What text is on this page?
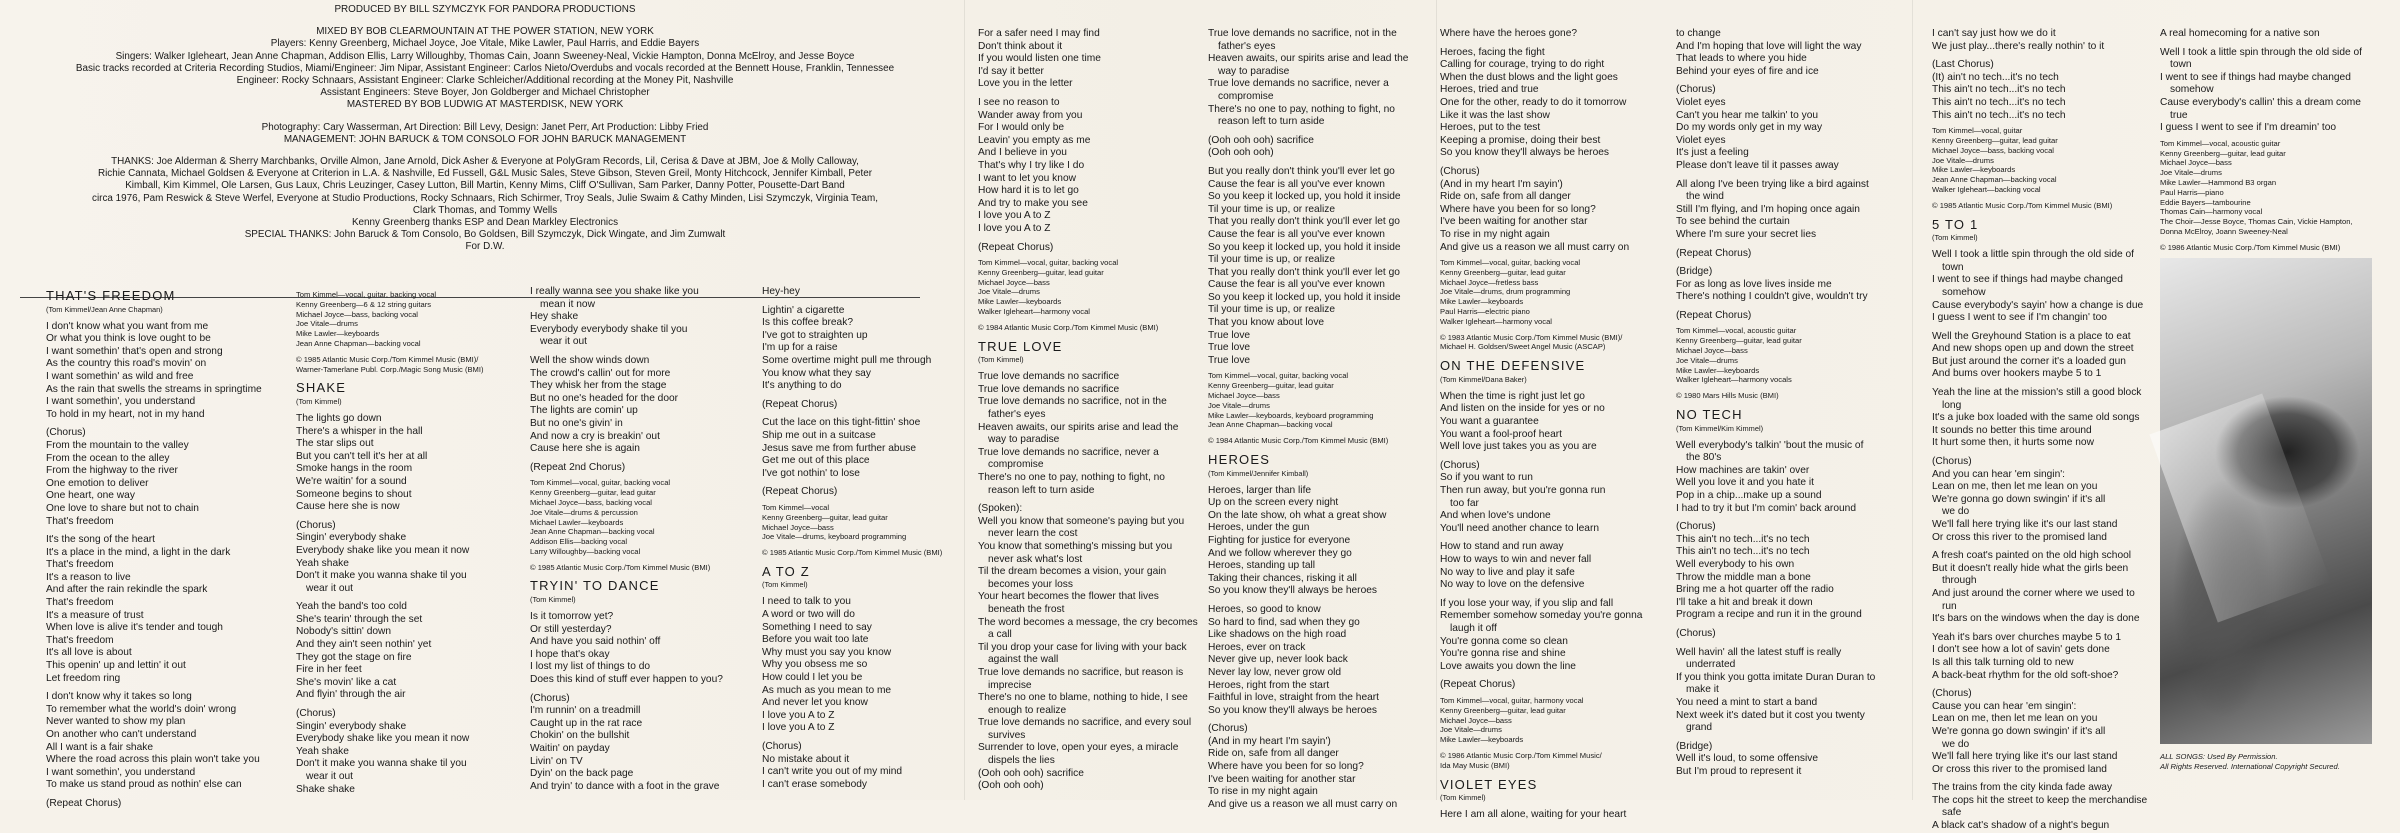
PRODUCED BY BILL SZYMCZYK FOR PANDORA PRODUCTIONS
MIXED BY BOB CLEARMOUNTAIN AT THE POWER STATION, NEW YORK
Players: Kenny Greenberg, Michael Joyce, Joe Vitale, Mike Lawler, Paul Harris, and Eddie Bayers
Singers: Walker Igleheart, Jean Anne Chapman, Addison Ellis, Larry Willoughby, Thomas Cain, Joann Sweeney-Neal, Vickie Hampton, Donna McElroy, and Jesse Boyce
Basic tracks recorded at Criteria Recording Studios, Miami/Engineer: Jim Nipar, Assistant Engineer: Carlos Nieto/Overdubs and vocals recorded at the Bennett House, Franklin, Tennessee
Engineer: Rocky Schnaars, Assistant Engineer: Clarke Schleicher/Additional recording at the Money Pit, Nashville
Assistant Engineers: Steve Boyer, Jon Goldberger and Michael Christopher
MASTERED BY BOB LUDWIG AT MASTERDISK, NEW YORK
Photography: Cary Wasserman, Art Direction: Bill Levy, Design: Janet Perr, Art Production: Libby Fried
MANAGEMENT: JOHN BARUCK & TOM CONSOLO FOR JOHN BARUCK MANAGEMENT
THANKS: Joe Alderman & Sherry Marchbanks, Orville Almon, Jane Arnold, Dick Asher & Everyone at PolyGram Records, Lil, Cerisa & Dave at JBM, Joe & Molly Calloway,
Richie Cannata, Michael Goldsen & Everyone at Criterion in L.A. & Nashville, Ed Fussell, G&L Music Sales, Steve Gibson, Steven Greil, Monty Hitchcock, Jennifer Kimball, Peter
Kimball, Kim Kimmel, Ole Larsen, Gus Laux, Chris Leuzinger, Casey Lutton, Bill Martin, Kenny Mims, Cliff O'Sullivan, Sam Parker, Danny Potter, Pousette-Dart Band
circa 1976, Pam Reswick & Steve Werfel, Everyone at Studio Productions, Rocky Schnaars, Rich Schirmer, Troy Seals, Julie Swaim & Cathy Minden, Lisi Szymczyk, Virginia Team,
Clark Thomas, and Tommy Wells
Kenny Greenberg thanks ESP and Dean Markley Electronics
SPECIAL THANKS: John Baruck & Tom Consolo, Bo Goldsen, Bill Szymczyk, Dick Wingate, and Jim Zumwalt
For D.W.
THAT'S FREEDOM
(Tom Kimmel/Jean Anne Chapman)
I don't know what you want from me
Or what you think is love ought to be
I want somethin' that's open and strong
As the country this road's movin' on
I want somethin' as wild and free
As the rain that swells the streams in springtime
I want somethin', you understand
To hold in my heart, not in my hand
(Chorus)
From the mountain to the valley
From the ocean to the alley
From the highway to the river
One emotion to deliver
One heart, one way
One love to share but not to chain
That's freedom
It's the song of the heart
It's a place in the mind, a light in the dark
That's freedom
It's a reason to live
And after the rain rekindle the spark
That's freedom
It's a measure of trust
When love is alive it's tender and tough
That's freedom
It's all love is about
This openin' up and lettin' it out
Let freedom ring
I don't know why it takes so long
To remember what the world's doin' wrong
Never wanted to show my plan
On another who can't understand
All I want is a fair shake
Where the road across this plain won't take you
I want somethin', you understand
To make us stand proud as nothin' else can
(Repeat Chorus)
Tom Kimmel—vocal, guitar, backing vocal
Kenny Greenberg—6 & 12 string guitars
Michael Joyce—bass, backing vocal
Joe Vitale—drums
Mike Lawler—keyboards
Jean Anne Chapman—backing vocal
© 1985 Atlantic Music Corp./Tom Kimmel Music (BMI)/
Warner-Tamerlane Publ. Corp./Magic Song Music (BMI)
SHAKE
(Tom Kimmel)
The lights go down
There's a whisper in the hall
The star slips out
But you can't tell it's her at all
Smoke hangs in the room
We're waitin' for a sound
Someone begins to shout
Cause here she is now
(Chorus)
Singin' everybody shake
Everybody shake like you mean it now
Yeah shake
Don't it make you wanna shake til you
wear it out
Yeah the band's too cold
She's tearin' through the set
Nobody's sittin' down
And they ain't seen nothin' yet
They got the stage on fire
Fire in her feet
She's movin' like a cat
And flyin' through the air
(Chorus)
Singin' everybody shake
Everybody shake like you mean it now
Yeah shake
Don't it make you wanna shake til you
wear it out
Shake shake
I really wanna see you shake like you
mean it now
Hey shake
Everybody everybody shake til you
wear it out
Well the show winds down
The crowd's callin' out for more
They whisk her from the stage
But no one's headed for the door
The lights are comin' up
But no one's givin' in
And now a cry is breakin' out
Cause here she is again
(Repeat 2nd Chorus)
Tom Kimmel—vocal, guitar, backing vocal
Kenny Greenberg—guitar, lead guitar
Michael Joyce—bass, backing vocal
Joe Vitale—drums & percussion
Michael Lawler—keyboards
Jean Anne Chapman—backing vocal
Addison Ellis—backing vocal
Larry Willoughby—backing vocal
© 1985 Atlantic Music Corp./Tom Kimmel Music (BMI)
TRYIN' TO DANCE
(Tom Kimmel)
Is it tomorrow yet?
Or still yesterday?
And have you said nothin' off
I hope that's okay
I lost my list of things to do
Does this kind of stuff ever happen to you?
(Chorus)
I'm runnin' on a treadmill
Caught up in the rat race
Chokin' on the bullshit
Waitin' on payday
Livin' on TV
Dyin' on the back page
And tryin' to dance with a foot in the grave
Hey-hey
Lightin' a cigarette
Is this coffee break?
I've got to straighten up
I'm up for a raise
Some overtime might pull me through
You know what they say
It's anything to do
(Repeat Chorus)
Cut the lace on this tight-fittin' shoe
Ship me out in a suitcase
Jesus save me from further abuse
Get me out of this place
I've got nothin' to lose
(Repeat Chorus)
Tom Kimmel—vocal
Kenny Greenberg—guitar, lead guitar
Michael Joyce—bass
Joe Vitale—drums, keyboard programming
© 1985 Atlantic Music Corp./Tom Kimmel Music (BMI)
A TO Z
(Tom Kimmel)
I need to talk to you
A word or two will do
Something I need to say
Before you wait too late
Why must you say you know
Why you obsess me so
How could I let you be
As much as you mean to me
And never let you know
I love you A to Z
I love you A to Z
(Chorus)
No mistake about it
I can't write you out of my mind
I can't erase somebody
For a safer need I may find
Don't think about it
If you would listen one time
I'd say it better
Love you in the letter
I see no reason to
Wander away from you
For I would only be
Leavin' you empty as me
And I believe in you
That's why I try like I do
I want to let you know
How hard it is to let go
And try to make you see
I love you A to Z
I love you A to Z
(Repeat Chorus)
Tom Kimmel—vocal, guitar, backing vocal
Kenny Greenberg—guitar, lead guitar
Michael Joyce—bass
Joe Vitale—drums
Mike Lawler—keyboards
Walker Igleheart—harmony vocal
© 1984 Atlantic Music Corp./Tom Kimmel Music (BMI)
TRUE LOVE
(Tom Kimmel)
True love demands no sacrifice
True love demands no sacrifice
True love demands no sacrifice, not in the
father's eyes
Heaven awaits, our spirits arise and lead the
way to paradise
True love demands no sacrifice, never a
compromise
There's no one to pay, nothing to fight, no
reason left to turn aside
(Spoken):
Well you know that someone's paying but you
never learn the cost
You know that something's missing but you
never ask what's lost
Til the dream becomes a vision, your gain
becomes your loss
Your heart becomes the flower that lives
beneath the frost
The word becomes a message, the cry becomes
a call
Til you drop your case for living with your back
against the wall
True love demands no sacrifice, but reason is
imprecise
There's no one to blame, nothing to hide, I see
enough to realize
True love demands no sacrifice, and every soul
survives
Surrender to love, open your eyes, a miracle
dispels the lies
(Ooh ooh ooh) sacrifice
(Ooh ooh ooh)
True love demands no sacrifice, not in the
father's eyes
Heaven awaits, our spirits arise and lead the
way to paradise
True love demands no sacrifice, never a
compromise
There's no one to pay, nothing to fight, no
reason left to turn aside
(Ooh ooh ooh) sacrifice
(Ooh ooh ooh)
But you really don't think you'll ever let go
Cause the fear is all you've ever known
So you keep it locked up, you hold it inside
Til your time is up, or realize
That you really don't think you'll ever let go
Cause the fear is all you've ever known
So you keep it locked up, you hold it inside
Til your time is up, or realize
That you really don't think you'll ever let go
Cause the fear is all you've ever known
So you keep it locked up, you hold it inside
Til your time is up, or realize
That you know about love
True love
True love
True love
Tom Kimmel—vocal, guitar, backing vocal
Kenny Greenberg—guitar, lead guitar
Michael Joyce—bass
Joe Vitale—drums
Mike Lawler—keyboards, keyboard programming
Jean Anne Chapman—backing vocal
© 1984 Atlantic Music Corp./Tom Kimmel Music (BMI)
HEROES
(Tom Kimmel/Jennifer Kimball)
Heroes, larger than life
Up on the screen every night
On the late show, oh what a great show
Heroes, under the gun
Fighting for justice for everyone
And we follow wherever they go
Heroes, standing up tall
Taking their chances, risking it all
So you know they'll always be heroes
Heroes, so good to know
So hard to find, sad when they go
Like shadows on the high road
Heroes, ever on track
Never give up, never look back
Never lay low, never grow old
Heroes, right from the start
Faithful in love, straight from the heart
So you know they'll always be heroes
(Chorus)
(And in my heart I'm sayin')
Ride on, safe from all danger
Where have you been for so long?
I've been waiting for another star
To rise in my night again
And give us a reason we all must carry on
Where have the heroes gone?
Heroes, facing the fight
Calling for courage, trying to do right
When the dust blows and the light goes
Heroes, tried and true
One for the other, ready to do it tomorrow
Like it was the last show
Heroes, put to the test
Keeping a promise, doing their best
So you know they'll always be heroes
(Chorus)
(And in my heart I'm sayin')
Ride on, safe from all danger
Where have you been for so long?
I've been waiting for another star
To rise in my night again
And give us a reason we all must carry on
Tom Kimmel—vocal, guitar, backing vocal
Kenny Greenberg—guitar, lead guitar
Michael Joyce—fretless bass
Joe Vitale—drums, drum programming
Mike Lawler—keyboards
Paul Harris—electric piano
Walker Igleheart—harmony vocal
© 1983 Atlantic Music Corp./Tom Kimmel Music (BMI)/
Michael H. Goldsen/Sweet Angel Music (ASCAP)
ON THE DEFENSIVE
(Tom Kimmel/Dana Baker)
When the time is right just let go
And listen on the inside for yes or no
You want a guarantee
You want a fool-proof heart
Well love just takes you as you are
(Chorus)
So if you want to run
Then run away, but you're gonna run
too far
And when love's undone
You'll need another chance to learn
How to stand and run away
How to ways to win and never fall
No way to live and play it safe
No way to love on the defensive
If you lose your way, if you slip and fall
Remember somehow someday you're gonna
laugh it off
You're gonna come so clean
You're gonna rise and shine
Love awaits you down the line
(Repeat Chorus)
Tom Kimmel—vocal, guitar, harmony vocal
Kenny Greenberg—guitar, lead guitar
Michael Joyce—bass
Joe Vitale—drums
Mike Lawler—keyboards
© 1986 Atlantic Music Corp./Tom Kimmel Music/
Ida May Music (BMI)
VIOLET EYES
(Tom Kimmel)
Here I am all alone, waiting for your heart
to change
And I'm hoping that love will light the way
That leads to where you hide
Behind your eyes of fire and ice
(Chorus)
Violet eyes
Can't you hear me talkin' to you
Do my words only get in my way
Violet eyes
It's just a feeling
Please don't leave til it passes away
All along I've been trying like a bird against
the wind
Still I'm flying, and I'm hoping once again
To see behind the curtain
Where I'm sure your secret lies
(Repeat Chorus)
(Bridge)
For as long as love lives inside me
There's nothing I couldn't give, wouldn't try
(Repeat Chorus)
Tom Kimmel—vocal, acoustic guitar
Kenny Greenberg—guitar, lead guitar
Michael Joyce—bass
Joe Vitale—drums
Mike Lawler—keyboards
Walker Igleheart—harmony vocals
© 1980 Mars Hills Music (BMI)
NO TECH
(Tom Kimmel/Kim Kimmel)
Well everybody's talkin' 'bout the music of
the 80's
How machines are takin' over
Well you love it and you hate it
Pop in a chip...make up a sound
I had to try it but I'm comin' back around
(Chorus)
This ain't no tech...it's no tech
This ain't no tech...it's no tech
Well everybody to his own
Throw the middle man a bone
Bring me a hot quarter off the radio
I'll take a hit and break it down
Program a recipe and run it in the ground
(Chorus)
Well havin' all the latest stuff is really
underrated
If you think you gotta imitate Duran Duran to
make it
You need a mint to start a band
Next week it's dated but it cost you twenty
grand
(Bridge)
Well it's loud, to some offensive
But I'm proud to represent it
I can't say just how we do it
We just play...there's really nothin' to it
(Last Chorus)
(It) ain't no tech...it's no tech
This ain't no tech...it's no tech
This ain't no tech...it's no tech
This ain't no tech...it's no tech
Tom Kimmel—vocal, guitar
Kenny Greenberg—guitar, lead guitar
Michael Joyce—bass, backing vocal
Joe Vitale—drums
Mike Lawler—keyboards
Jean Anne Chapman—backing vocal
Walker Igleheart—backing vocal
© 1985 Atlantic Music Corp./Tom Kimmel Music (BMI)
5 TO 1
(Tom Kimmel)
Well I took a little spin through the old side of
town
I went to see if things had maybe changed
somehow
Cause everybody's sayin' how a change is due
I guess I went to see if I'm changin' too
Well the Greyhound Station is a place to eat
And new shops open up and down the street
But just around the corner it's a loaded gun
And bums over hookers maybe 5 to 1
Yeah the line at the mission's still a good block
long
It's a juke box loaded with the same old songs
It sounds no better this time around
It hurt some then, it hurts some now
(Chorus)
And you can hear 'em singin':
Lean on me, then let me lean on you
We're gonna go down swingin' if it's all
we do
We'll fall here trying like it's our last stand
Or cross this river to the promised land
A fresh coat's painted on the old high school
But it doesn't really hide what the girls been
through
And just around the corner where we used to
run
It's bars on the windows when the day is done
Yeah it's bars over churches maybe 5 to 1
I don't see how a lot of savin' gets done
Is all this talk turning old to new
A back-beat rhythm for the old soft-shoe?
(Chorus)
Cause you can hear 'em singin':
Lean on me, then let me lean on you
We're gonna go down swingin' if it's all
we do
We'll fall here trying like it's our last stand
Or cross this river to the promised land
The trains from the city kinda fade away
The cops hit the street to keep the merchandise
safe
A black cat's shadow of a night's begun
A real homecoming for a native son
Well I took a little spin through the old side of
town
I went to see if things had maybe changed
somehow
Cause everybody's callin' this a dream come
true
I guess I went to see if I'm dreamin' too
Tom Kimmel—vocal, acoustic guitar
Kenny Greenberg—guitar, lead guitar
Michael Joyce—bass
Joe Vitale—drums
Mike Lawler—Hammond B3 organ
Paul Harris—piano
Eddie Bayers—tambourine
Thomas Cain—harmony vocal
The Choir—Jesse Boyce, Thomas Cain, Vickie Hampton,
Donna McElroy, Joann Sweeney-Neal
© 1986 Atlantic Music Corp./Tom Kimmel Music (BMI)
ALL SONGS: Used By Permission.
All Rights Reserved. International Copyright Secured.
